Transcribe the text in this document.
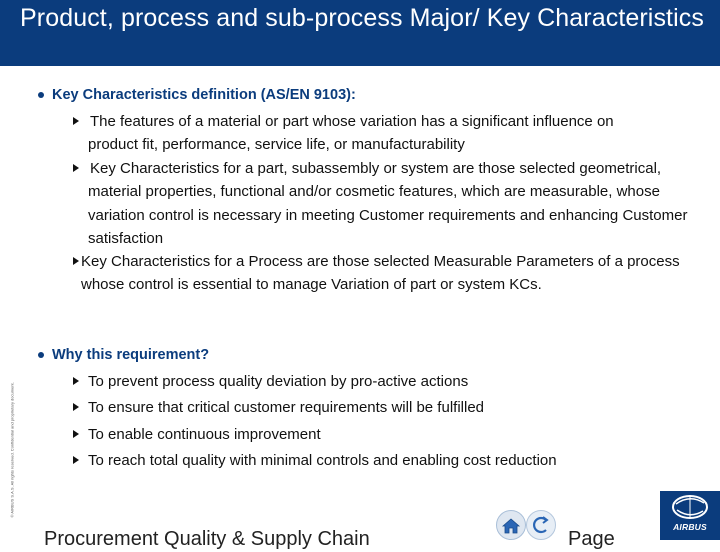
Product, process and sub-process Major/ Key Characteristics
Key Characteristics definition (AS/EN 9103):
The features of a material or part whose variation has a significant influence on product fit, performance, service life, or manufacturability
Key Characteristics for a part, subassembly or system are those selected geometrical, material properties, functional and/or cosmetic features, which are measurable, whose variation control is necessary in meeting Customer requirements and enhancing Customer satisfaction
Key Characteristics for a Process are those selected Measurable Parameters of a process whose control is essential to manage Variation of part or system KCs.
Why this requirement?
To prevent process quality deviation by pro-active actions
To ensure that critical customer requirements will be fulfilled
To enable continuous improvement
To reach total quality with minimal controls and enabling cost reduction
© AIRBUS S.A.S. All rights reserved. Confidential and proprietary document.
Procurement Quality & Supply Chain	Page
AIRBUS
